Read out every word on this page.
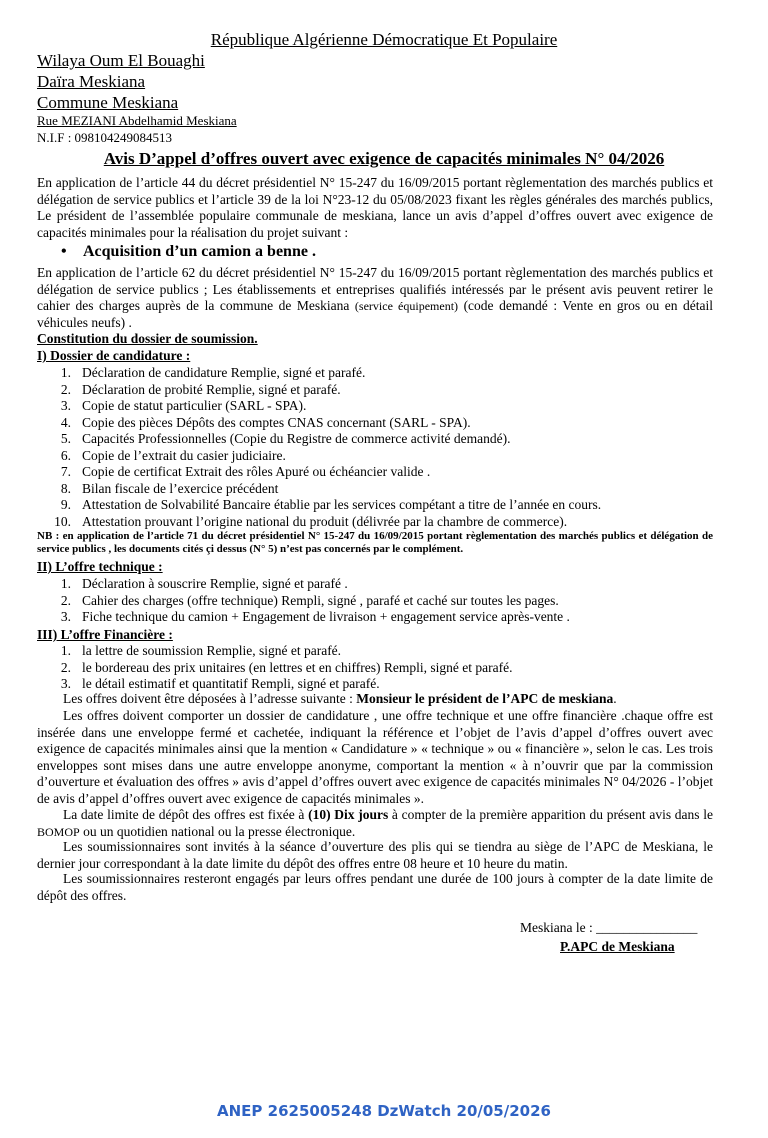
République Algérienne Démocratique Et Populaire
Wilaya Oum El Bouaghi
Daïra Meskiana
Commune Meskiana
Rue MEZIANI Abdelhamid Meskiana
N.I.F : 098104249084513
Avis D’appel d’offres ouvert avec exigence de capacités minimales N° 04/2026
En application de l’article 44 du décret présidentiel N° 15-247 du 16/09/2015 portant règlementation des marchés publics et délégation de service publics et l’article 39 de la loi N°23-12 du 05/08/2023 fixant les règles générales des marchés publics, Le président de l’assemblée populaire communale de meskiana, lance un avis d’appel d’offres ouvert avec exigence de capacités minimales pour la réalisation du projet suivant :
• Acquisition d’un camion a benne .
En application de l’article 62 du décret présidentiel N° 15-247 du 16/09/2015 portant règlementation des marchés publics et délégation de service publics ; Les établissements et entreprises qualifiés intéressés par le présent avis peuvent retirer le cahier des charges auprès de la commune de Meskiana (service équipement) (code demandé : Vente en gros ou en détail véhicules neufs) .
Constitution du dossier de soumission.
I) Dossier de candidature :
1. Déclaration de candidature Remplie, signé et parafé.
2. Déclaration de probité Remplie, signé et parafé.
3. Copie de statut particulier (SARL - SPA).
4. Copie des pièces Dépôts des comptes CNAS concernant (SARL - SPA).
5. Capacités Professionnelles (Copie du Registre de commerce activité demandé).
6. Copie de l’extrait du casier judiciaire.
7. Copie de certificat Extrait des rôles Apuré ou échéancier valide .
8. Bilan fiscale de l’exercice précédent
9. Attestation de Solvabilité Bancaire établie par les services compétant a titre de l’année en cours.
10. Attestation prouvant l’origine national du produit (délivrée par la chambre de commerce).
NB : en application de l’article 71 du décret présidentiel N° 15-247 du 16/09/2015 portant règlementation des marchés publics et délégation de service publics , les documents cités çi dessus (N° 5) n’est pas concernés par le complément.
II) L’offre technique :
1. Déclaration à souscrire Remplie, signé et parafé .
2. Cahier des charges (offre technique) Rempli, signé , parafé et caché sur toutes les pages.
3. Fiche technique du camion + Engagement de livraison + engagement service après-vente .
III) L’offre Financière :
1. la lettre de soumission Remplie, signé et parafé.
2. le bordereau des prix unitaires (en lettres et en chiffres) Rempli, signé et parafé.
3. le détail estimatif et quantitatif Rempli, signé et parafé.
Les offres doivent être déposées à l’adresse suivante : Monsieur le président de l’APC de meskiana.
Les offres doivent comporter un dossier de candidature , une offre technique et une offre financière .chaque offre est insérée dans une enveloppe fermé et cachetée, indiquant la référence et l’objet de l’avis d’appel d’offres ouvert avec exigence de capacités minimales ainsi que la mention « Candidature » « technique » ou « financière », selon le cas. Les trois enveloppes sont mises dans une autre enveloppe anonyme, comportant la mention « à n’ouvrir que par la commission d’ouverture et évaluation des offres » avis d’appel d’offres ouvert avec exigence de capacités minimales N° 04/2026 - l’objet de avis d’appel d’offres ouvert avec exigence de capacités minimales ».
La date limite de dépôt des offres est fixée à (10) Dix jours à compter de la première apparition du présent avis dans le BOMOP ou un quotidien national ou la presse électronique.
Les soumissionnaires sont invités à la séance d’ouverture des plis qui se tiendra au siège de l’APC de Meskiana, le dernier jour correspondant à la date limite du dépôt des offres entre 08 heure et 10 heure du matin.
Les soumissionnaires resteront engagés par leurs offres pendant une durée de 100 jours à compter de la date limite de dépôt des offres.
Meskiana le : _______________
P.APC de Meskiana
ANEP 2625005248 DzWatch 20/05/2026
